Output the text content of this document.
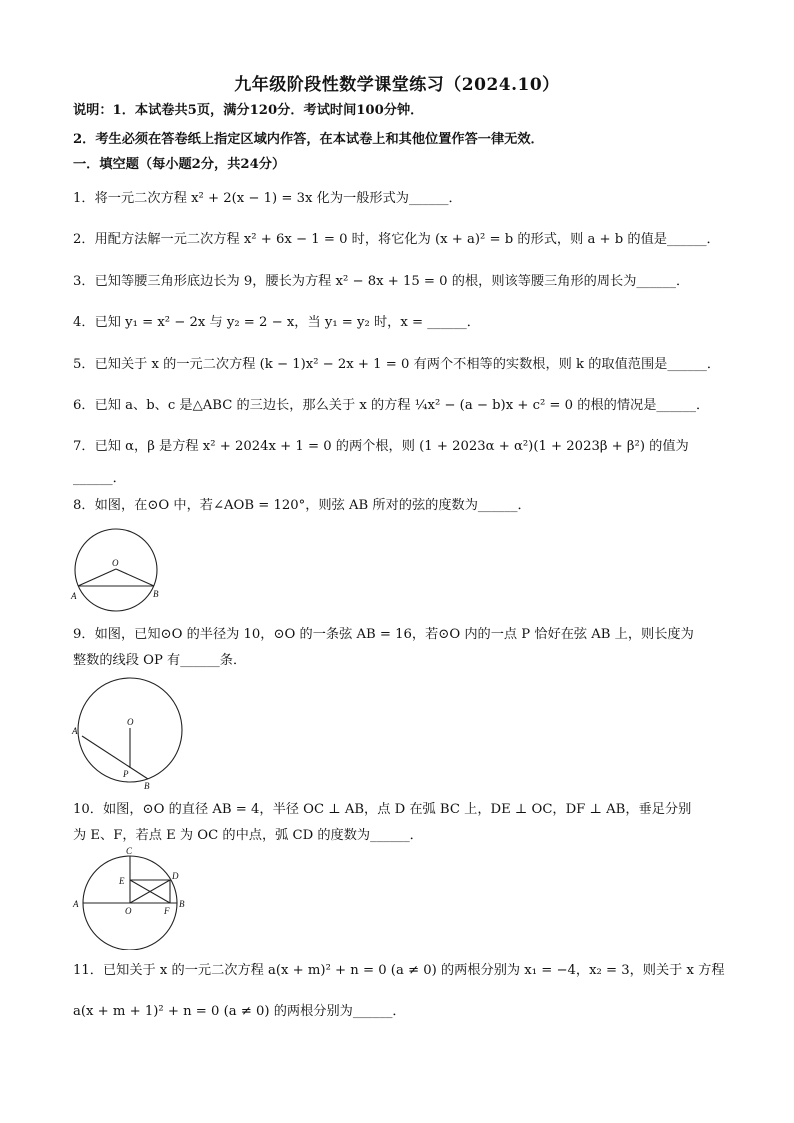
九年级阶段性数学课堂练习（2024.10）
说明：1．本试卷共5页，满分120分．考试时间100分钟．
2．考生必须在答卷纸上指定区域内作答，在本试卷上和其他位置作答一律无效．
一．填空题（每小题2分，共24分）
1．将一元二次方程 x² + 2(x − 1) = 3x 化为一般形式为______．
2．用配方法解一元二次方程 x² + 6x − 1 = 0 时，将它化为 (x + a)² = b 的形式，则 a + b 的值是______．
3．已知等腰三角形底边长为 9，腰长为方程 x² − 8x + 15 = 0 的根，则该等腰三角形的周长为______．
4．已知 y₁ = x² − 2x 与 y₂ = 2 − x，当 y₁ = y₂ 时，x = ______．
5．已知关于 x 的一元二次方程 (k − 1)x² − 2x + 1 = 0 有两个不相等的实数根，则 k 的取值范围是______．
6．已知 a、b、c 是△ABC 的三边长，那么关于 x 的方程 ¼x² − (a − b)x + c² = 0 的根的情况是______．
7．已知 α，β 是方程 x² + 2024x + 1 = 0 的两个根，则 (1 + 2023α + α²)(1 + 2023β + β²) 的值为
______．
8．如图，在⊙O 中，若∠AOB = 120°，则弦 AB 所对的弦的度数为______．
O
A	B
9．如图，已知⊙O 的半径为 10，⊙O 的一条弦 AB = 16，若⊙O 内的一点 P 恰好在弦 AB 上，则长度为
整数的线段 OP 有______条．
O
A
P
B
10．如图，⊙O 的直径 AB = 4，半径 OC ⊥ AB，点 D 在弧 BC 上，DE ⊥ OC，DF ⊥ AB，垂足分别
为 E、F，若点 E 为 OC 的中点，弧 CD 的度数为______．
C
E	D
A
O	F
B
11．已知关于 x 的一元二次方程 a(x + m)² + n = 0 (a ≠ 0) 的两根分别为 x₁ = −4，x₂ = 3，则关于 x 方程
a(x + m + 1)² + n = 0 (a ≠ 0) 的两根分别为______．
